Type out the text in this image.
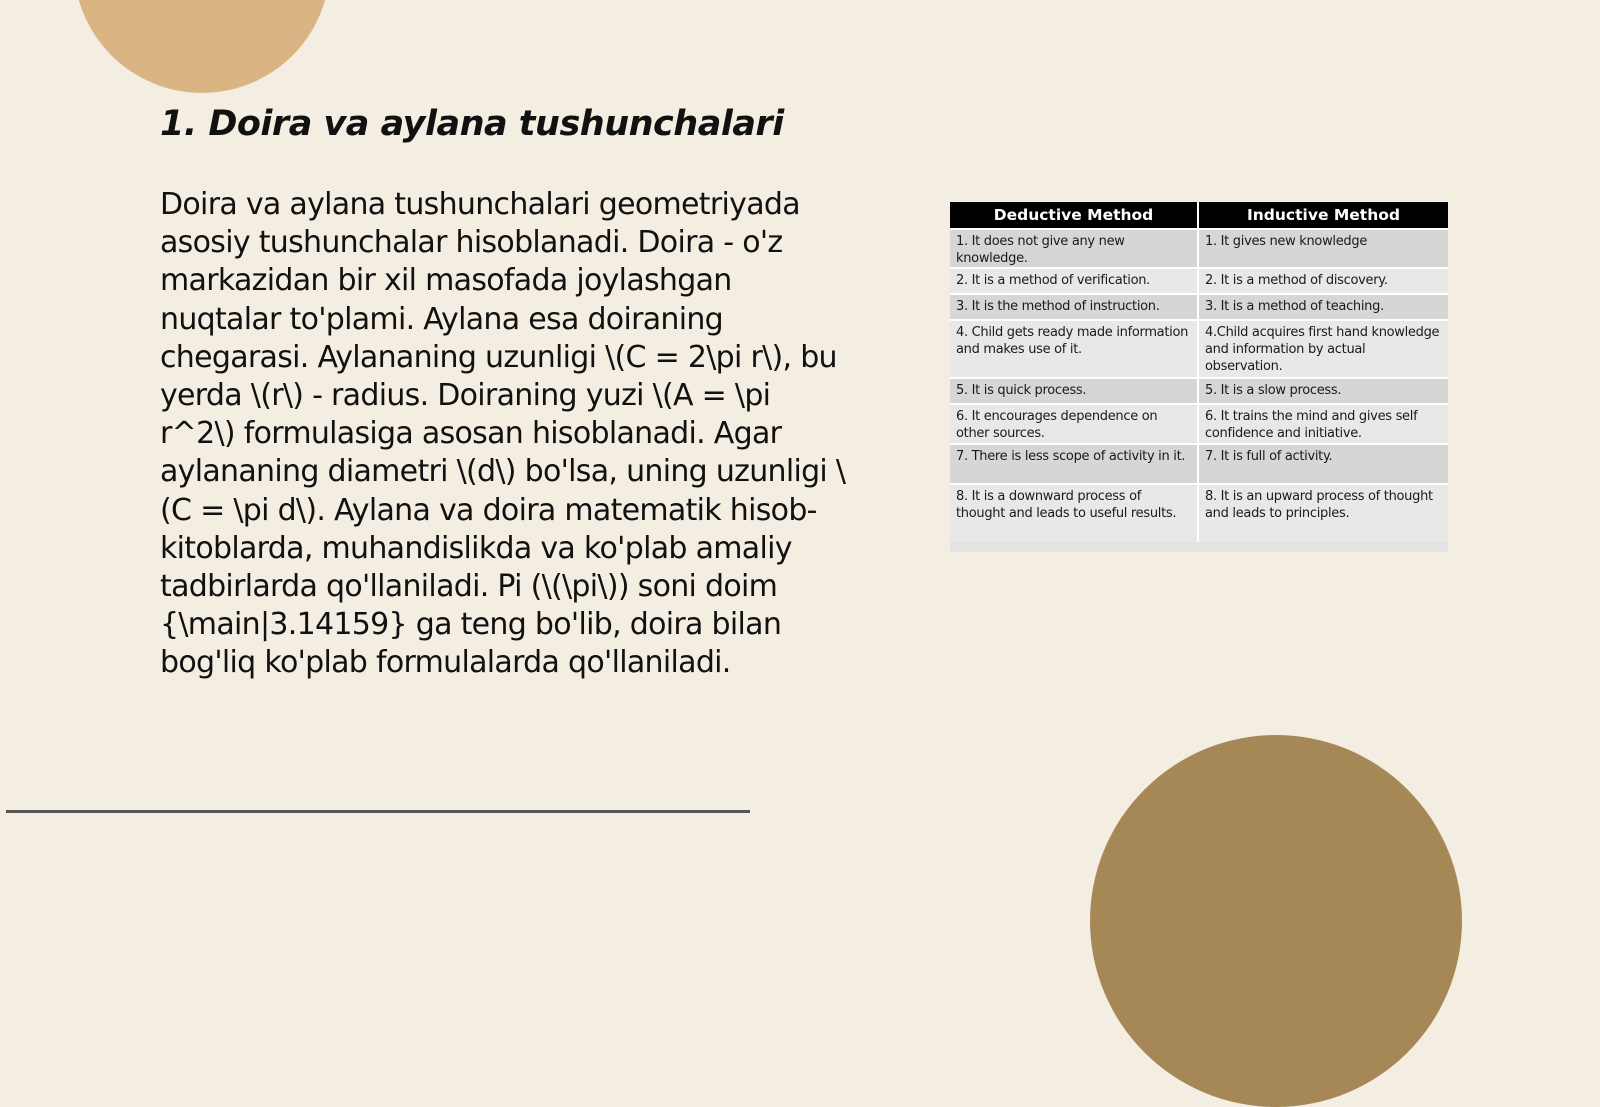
1. Doira va aylana tushunchalari

Doira va aylana tushunchalari geometriyada asosiy tushunchalar hisoblanadi. Doira - o'z markazidan bir xil masofada joylashgan nuqtalar to'plami. Aylana esa doiraning chegarasi. Aylananing uzunligi \(C = 2\pi r\), bu yerda \(r\) - radius. Doiraning yuzi \(A = \pi r^2\) formulasiga asosan hisoblanadi. Agar aylananing diametri \(d\) bo'lsa, uning uzunligi \(C = \pi d\). Aylana va doira matematik hisob-kitoblarda, muhandislikda va ko'plab amaliy tadbirlarda qo'llaniladi. Pi (\(\pi\)) soni doim {\main|3.14159} ga teng bo'lib, doira bilan bog'liq ko'plab formulalarda qo'llaniladi.

Deductive Method	Inductive Method
1. It does not give any new knowledge.	1. It gives new knowledge
2. It is a method of verification.	2. It is a method of discovery.
3. It is the method of instruction.	3. It is a method of teaching.
4. Child gets ready made information and makes use of it.	4.Child acquires first hand knowledge and information by actual observation.
5. It is quick process.	5. It is a slow process.
6. It encourages dependence on other sources.	6. It trains the mind and gives self confidence and initiative.
7. There is less scope of activity in it.	7. It is full of activity.
8. It is a downward process of thought and leads to useful results.	8. It is an upward process of thought and leads to principles.
